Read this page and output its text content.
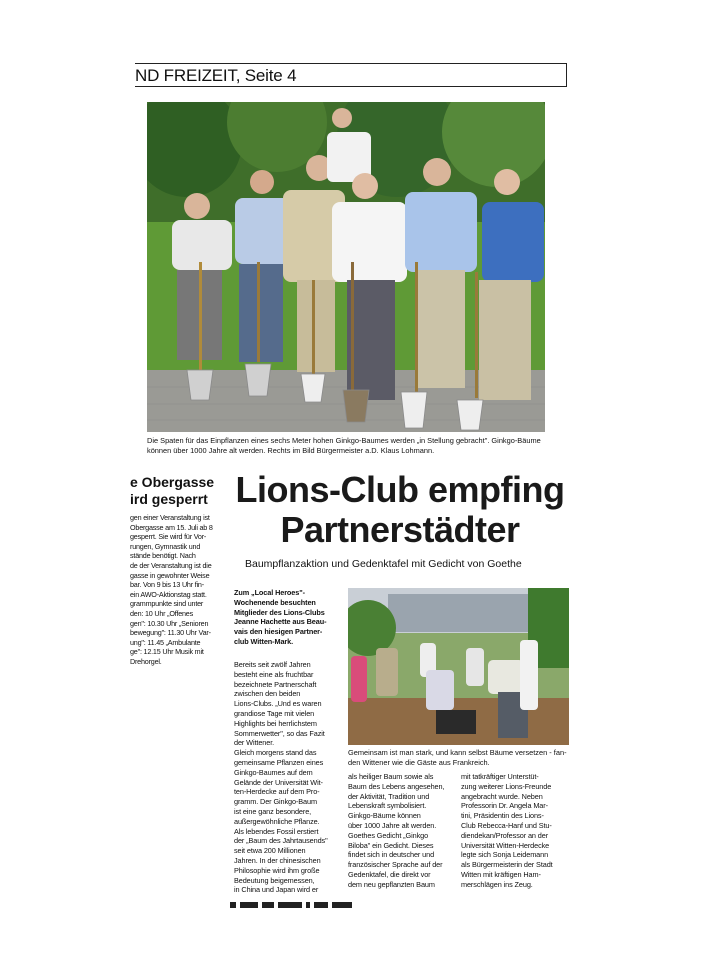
ND FREIZEIT, Seite 4
Die Spaten für das Einpflanzen eines sechs Meter hohen Ginkgo-Baumes werden „in Stellung gebracht". Ginkgo-Bäume
können über 1000 Jahre alt werden. Rechts im Bild Bürgermeister a.D. Klaus Lohmann.
e Obergasse
ird gesperrt
gen einer Veranstaltung ist
Obergasse am 15. Juli ab 8
gesperrt. Sie wird für Vor-
rungen, Gymnastik und
stände benötigt. Nach
de der Veranstaltung ist die
gasse in gewohnter Weise
bar. Von 9 bis 13 Uhr fin-
ein AWO-Aktionstag statt.
grammpunkte sind unter
den: 10 Uhr „Offenes
gen": 10.30 Uhr „Senioren
bewegung": 11.30 Uhr Var-
ung": 11.45 „Ambulante
ge": 12.15 Uhr Musik mit
Drehorgel.
Lions-Club empfing
Partnerstädter
Baumpflanzaktion und Gedenktafel mit Gedicht von Goethe
Zum „Local Heroes"-
Wochenende besuchten
Mitglieder des Lions-Clubs
Jeanne Hachette aus Beau-
vais den hiesigen Partner-
club Witten-Mark.
Bereits seit zwölf Jahren
besteht eine als fruchtbar
bezeichnete Partnerschaft
zwischen den beiden
Lions-Clubs. „Und es waren
grandiose Tage mit vielen
Highlights bei herrlichstem
Sommerwetter", so das Fazit
der Wittener.
Gleich morgens stand das
gemeinsame Pflanzen eines
Ginkgo-Baumes auf dem
Gelände der Universität Wit-
ten-Herdecke auf dem Pro-
gramm. Der Ginkgo-Baum
ist eine ganz besondere,
außergewöhnliche Pflanze.
Als lebendes Fossil erstiert
der „Baum des Jahrtausends"
seit etwa 200 Millionen
Jahren. In der chinesischen
Philosophie wird ihm große
Bedeutung beigemessen,
in China und Japan wird er
Gemeinsam ist man stark, und kann selbst Bäume versetzen - fan-
den Wittener wie die Gäste aus Frankreich.
als heiliger Baum sowie als
Baum des Lebens angesehen,
der Aktivität, Tradition und
Lebenskraft symbolisiert.
Ginkgo-Bäume können
über 1000 Jahre alt werden.
Goethes Gedicht „Ginkgo
Biloba" ein Gedicht. Dieses
findet sich in deutscher und
französischer Sprache auf der
Gedenktafel, die direkt vor
dem neu gepflanzten Baum
mit tatkräftiger Unterstüt-
zung weiterer Lions-Freunde
angebracht wurde. Neben
Professorin Dr. Angela Mar-
tini, Präsidentin des Lions-
Club Rebecca-Hanf und Stu-
diendekan/Professor an der
Universität Witten-Herdecke
legte sich Sonja Leidemann
als Bürgermeisterin der Stadt
Witten mit kräftigen Ham-
merschlägen ins Zeug.
